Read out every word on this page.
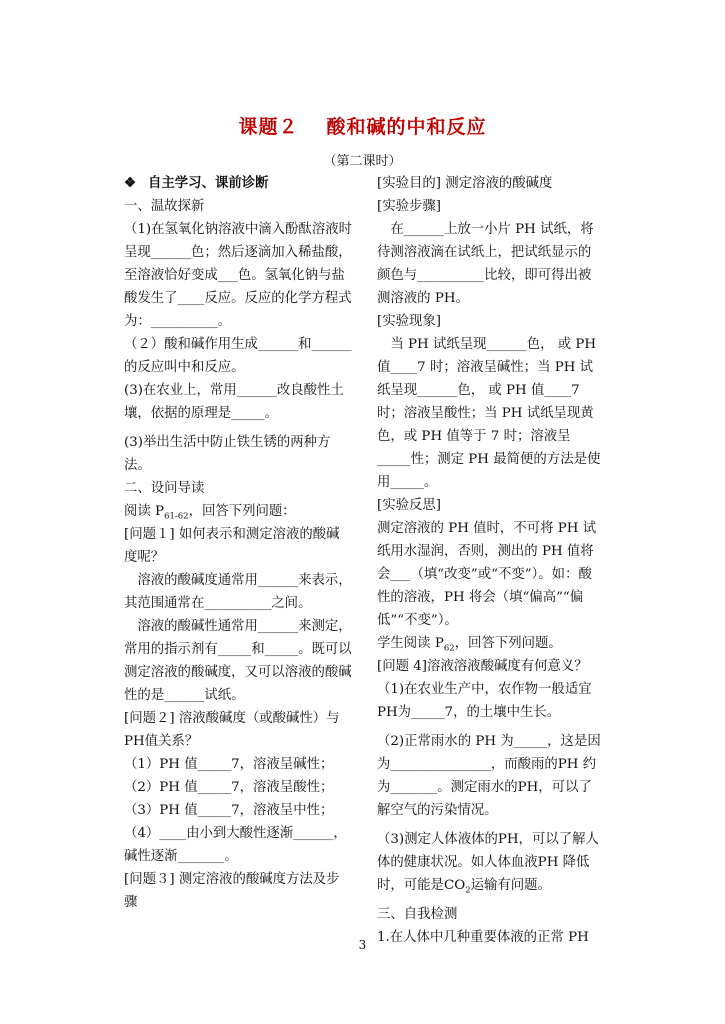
课题２ 酸和碱的中和反应
（第二课时）

❖ 自主学习、课前诊断

一、温故探新

（1)在氢氧化钠溶液中滴入酚酞溶液时呈现______色；然后逐滴加入稀盐酸，至溶液恰好变成___色。氢氧化钠与盐酸发生了____反应。反应的化学方程式为：__________。

（２）酸和碱作用生成______和______的反应叫中和反应。

(3)在农业上，常用______改良酸性土壤，依据的原理是_____。

(3)举出生活中防止铁生锈的两种方法。

二、设问导读

阅读 $P_{61-62}$，回答下列问题：

[问题１] 如何表示和测定溶液的酸碱度呢？

　溶液的酸碱度通常用______来表示，其范围通常在__________之间。

　溶液的酸碱性通常用______来测定，常用的指示剂有_____和_____。既可以测定溶液的酸碱度，又可以溶液的酸碱性的是______试纸。

[问题２] 溶液酸碱度（或酸碱性）与PH值关系？

（1）PH 值_____7，溶液呈碱性；

（2）PH 值_____7，溶液呈酸性；

（3）PH 值_____7，溶液呈中性；

（4）____由小到大酸性逐渐______，碱性逐渐_______。

[问题３] 测定溶液的酸碱度方法及步骤

[实验目的] 测定溶液的酸碱度

[实验步骤]

　在______上放一小片 PH 试纸，将待测溶液滴在试纸上，把试纸显示的颜色与__________比较，即可得出被测溶液的 PH。

[实验现象]

　当 PH 试纸呈现______色， 或 PH 值____7 时；溶液呈碱性；当 PH 试纸呈现______色， 或 PH 值____7 时；溶液呈酸性；当 PH 试纸呈现黄色，或 PH 值等于 7 时；溶液呈_____性；测定 PH 最简便的方法是使用_____。

[实验反思]

测定溶液的 PH 值时，不可将 PH 试纸用水湿润，否则，测出的 PH 值将会___（填“改变”或“不变”）。如：酸性的溶液，PH 将会（填“偏高”“偏低”“不变”）。

学生阅读 $P_{62}$，回答下列问题。

[问题 4]溶液溶液酸碱度有何意义？

（1)在农业生产中，农作物一般适宜PH为_____7，的土壤中生长。

（2)正常雨水的 PH 为_____，这是因为_______________，而酸雨的PH 约为_______。测定雨水的PH，可以了解空气的污染情况。

（3)测定人体液体的PH，可以了解人体的健康状况。如人体血液PH 降低时，可能是$CO_2$运输有问题。

三、自我检测

1.在人体中几种重要体液的正常 PH

3
